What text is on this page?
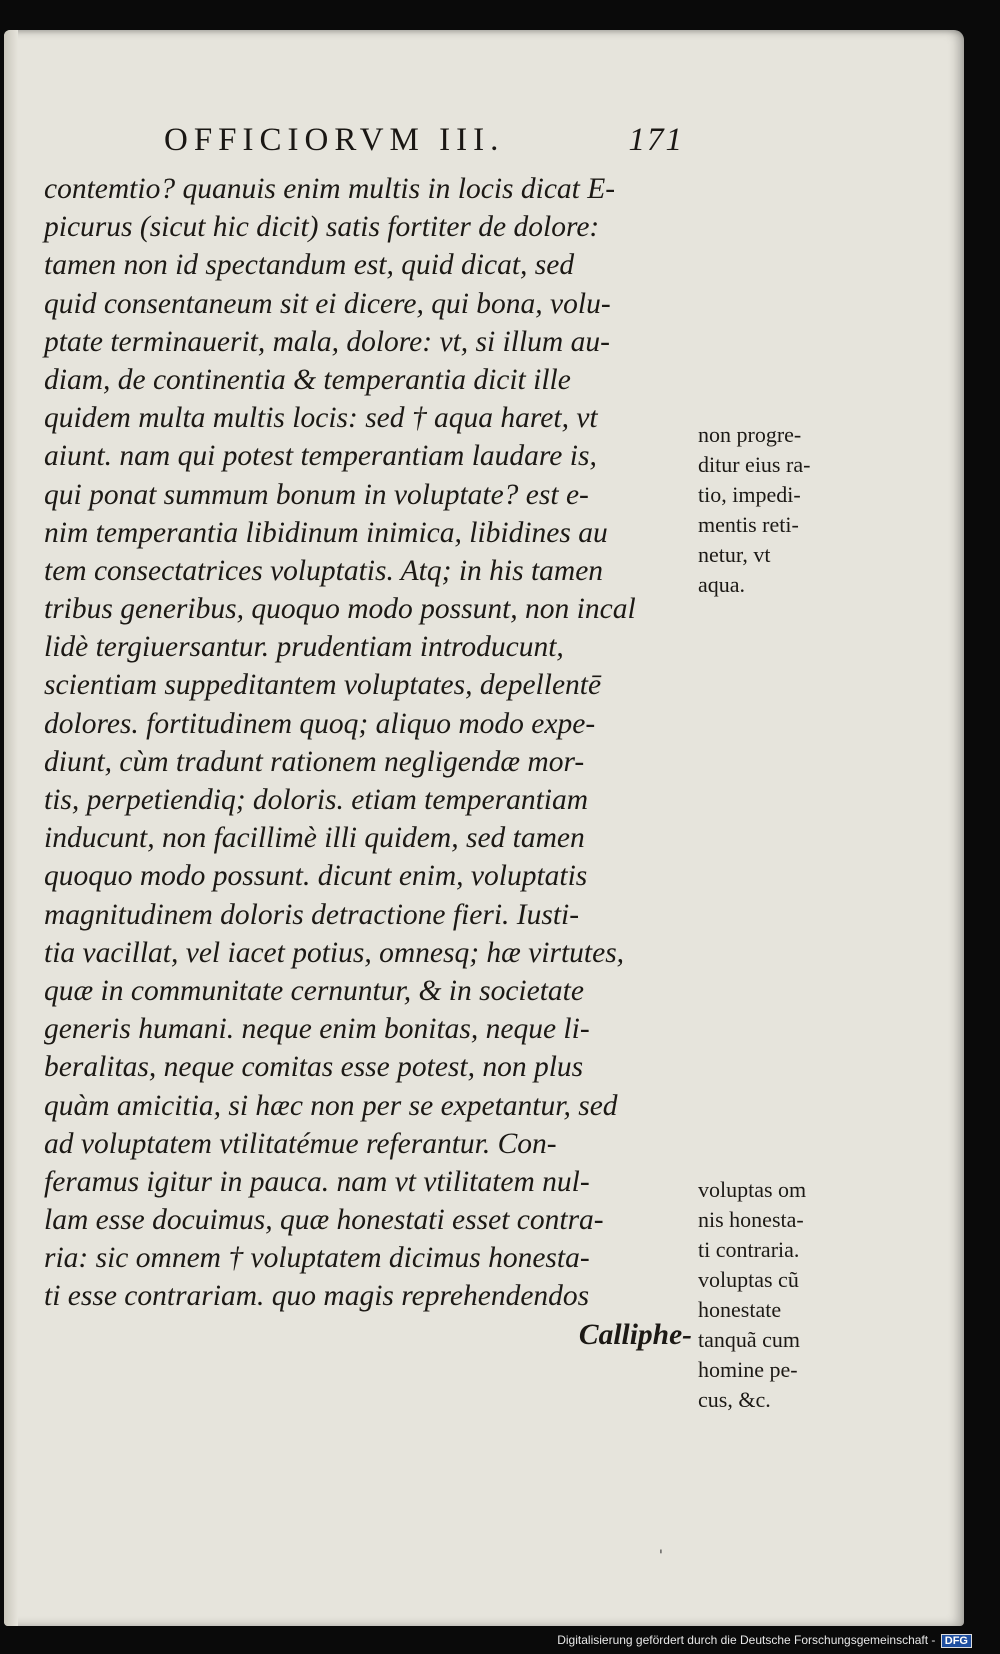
OFFICIORVM III.	171
contemtio? quanuis enim multis in locis dicat E-
picurus (sicut hic dicit) satis fortiter de dolore:
tamen non id spectandum est, quid dicat, sed
quid consentaneum sit ei dicere, qui bona, volu-
ptate terminauerit, mala, dolore: vt, si illum au-
diam, de continentia & temperantia dicit ille
quidem multa multis locis: sed † aqua haret, vt
aiunt. nam qui potest temperantiam laudare is,
qui ponat summum bonum in voluptate? est e-
nim temperantia libidinum inimica, libidines au
tem consectatrices voluptatis. Atq; in his tamen
tribus generibus, quoquo modo possunt, non incal
lidè tergiuersantur. prudentiam introducunt,
scientiam suppeditantem voluptates, depellentē
dolores. fortitudinem quoq; aliquo modo expe-
diunt, cùm tradunt rationem negligendæ mor-
tis, perpetiendiq; doloris. etiam temperantiam
inducunt, non facillimè illi quidem, sed tamen
quoquo modo possunt. dicunt enim, voluptatis
magnitudinem doloris detractione fieri. Iusti-
tia vacillat, vel iacet potius, omnesq; hæ virtutes,
quæ in communitate cernuntur, & in societate
generis humani. neque enim bonitas, neque li-
beralitas, neque comitas esse potest, non plus
quàm amicitia, si hæc non per se expetantur, sed
ad voluptatem vtilitatémue referantur. Con-
feramus igitur in pauca. nam vt vtilitatem nul-
lam esse docuimus, quæ honestati esset contra-
ria: sic omnem † voluptatem dicimus honesta-
ti esse contrariam. quo magis reprehendendos
Calliphe-
non progre-
ditur eius ra-
tio, impedi-
mentis reti-
netur, vt
aqua.
voluptas om
nis honesta-
ti contraria.
voluptas cũ
honestate
tanquã cum
homine pe-
cus, &c.
'
Digitalisierung gefördert durch die Deutsche Forschungsgemeinschaft - DFG
